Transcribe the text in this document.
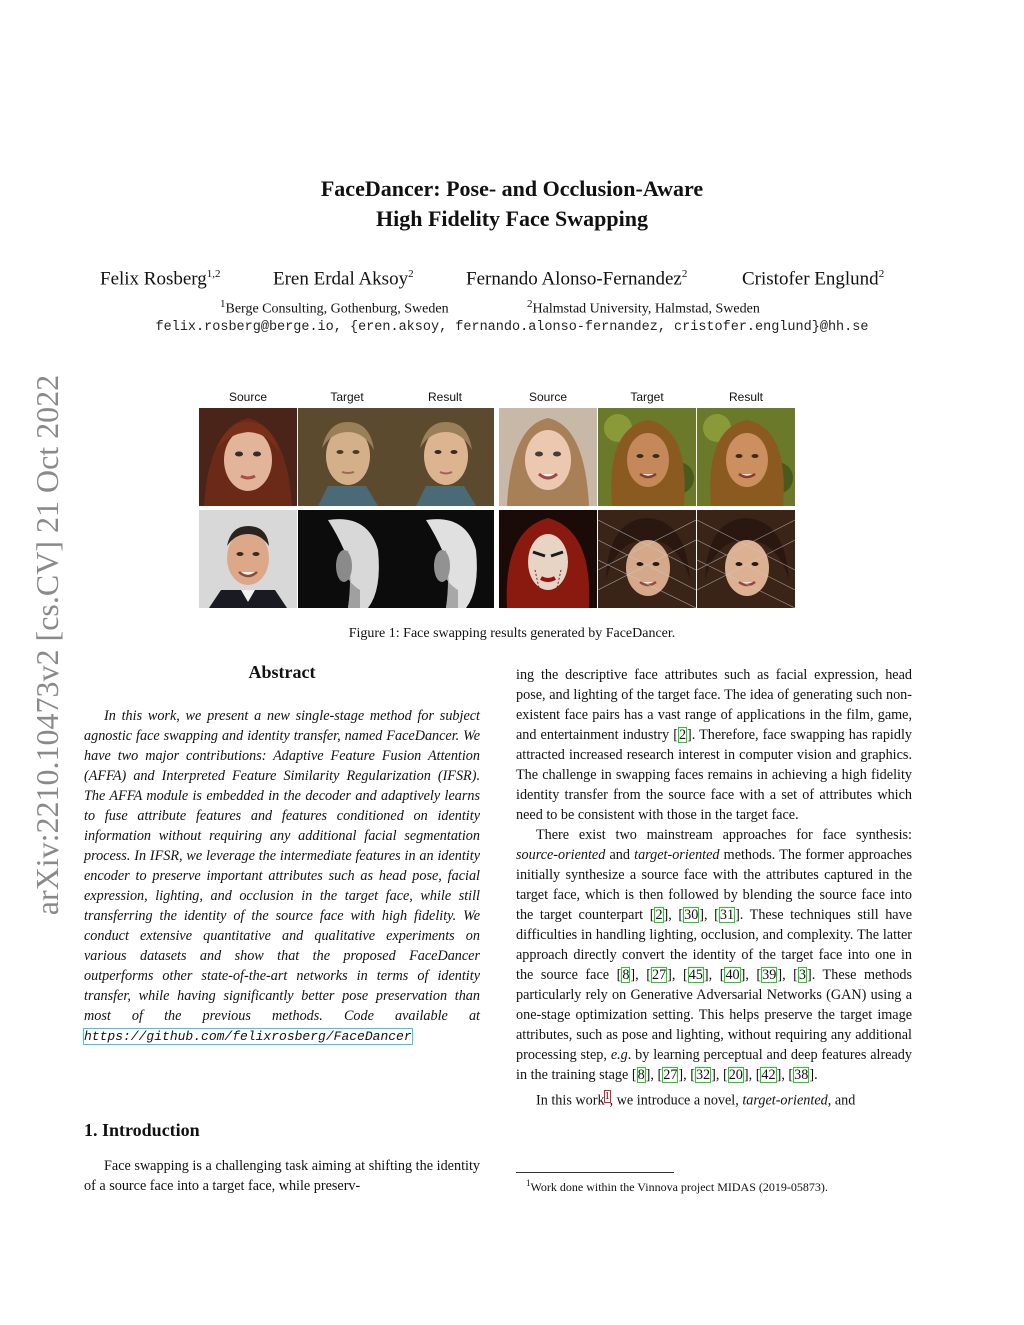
arXiv:2210.10473v2 [cs.CV] 21 Oct 2022
FaceDancer: Pose- and Occlusion-Aware
High Fidelity Face Swapping
Felix Rosberg$^{1,2}$	Eren Erdal Aksoy$^2$	Fernando Alonso-Fernandez$^2$	Cristofer Englund$^2$
$^1$Berge Consulting, Gothenburg, Sweden	$^2$Halmstad University, Halmstad, Sweden
felix.rosberg@berge.io, {eren.aksoy, fernando.alonso-fernandez, cristofer.englund}@hh.se
Source	Target	Result	Source	Target	Result
Figure 1: Face swapping results generated by FaceDancer.
Abstract

In this work, we present a new single-stage method for subject agnostic face swapping and identity transfer, named FaceDancer. We have two major contributions: Adaptive Feature Fusion Attention (AFFA) and Interpreted Feature Similarity Regularization (IFSR). The AFFA module is embedded in the decoder and adaptively learns to fuse attribute features and features conditioned on identity information without requiring any additional facial segmentation process. In IFSR, we leverage the intermediate features in an identity encoder to preserve important attributes such as head pose, facial expression, lighting, and occlusion in the target face, while still transferring the identity of the source face with high fidelity. We conduct extensive quantitative and qualitative experiments on various datasets and show that the proposed FaceDancer outperforms other state-of-the-art networks in terms of identity transfer, while having significantly better pose preservation than most of the previous methods. Code available at https://github.com/felixrosberg/FaceDancer

1. Introduction

Face swapping is a challenging task aiming at shifting the identity of a source face into a target face, while preserv-

ing the descriptive face attributes such as facial expression, head pose, and lighting of the target face. The idea of generating such non-existent face pairs has a vast range of applications in the film, game, and entertainment industry [2]. Therefore, face swapping has rapidly attracted increased research interest in computer vision and graphics. The challenge in swapping faces remains in achieving a high fidelity identity transfer from the source face with a set of attributes which need to be consistent with those in the target face.

There exist two mainstream approaches for face synthesis: source-oriented and target-oriented methods. The former approaches initially synthesize a source face with the attributes captured in the target face, which is then followed by blending the source face into the target counterpart [2], [30], [31]. These techniques still have difficulties in handling lighting, occlusion, and complexity. The latter approach directly convert the identity of the target face into one in the source face [8], [27], [45], [40], [39], [3]. These methods particularly rely on Generative Adversarial Networks (GAN) using a one-stage optimization setting. This helps preserve the target image attributes, such as pose and lighting, without requiring any additional processing step, e.g. by learning perceptual and deep features already in the training stage [8], [27], [32], [20], [42], [38].

In this work$^1$, we introduce a novel, target-oriented, and

$^1$Work done within the Vinnova project MIDAS (2019-05873).
